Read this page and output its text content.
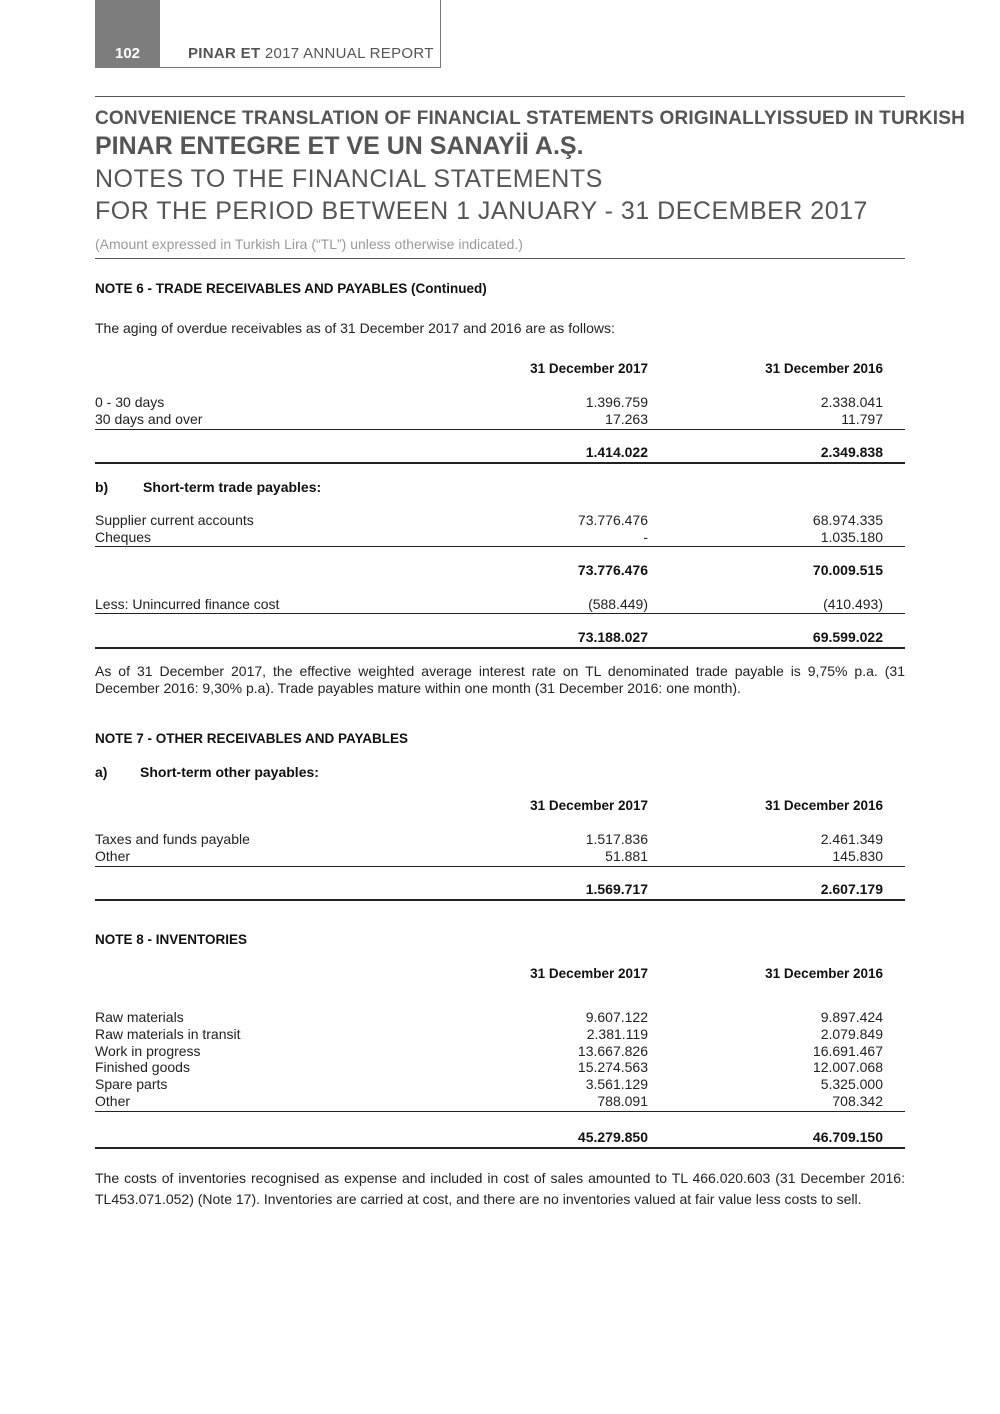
102	PINAR ET 2017 ANNUAL REPORT
CONVENIENCE TRANSLATION OF FINANCIAL STATEMENTS ORIGINALLYISSUED IN TURKISH
PINAR ENTEGRE ET VE UN SANAYİİ A.Ş.
NOTES TO THE FINANCIAL STATEMENTS
FOR THE PERIOD BETWEEN 1 JANUARY - 31 DECEMBER 2017
(Amount expressed in Turkish Lira (“TL”) unless otherwise indicated.)
NOTE 6 - TRADE RECEIVABLES AND PAYABLES (Continued)
The aging of overdue receivables as of 31 December 2017 and 2016 are as follows:
31 December 2017	31 December 2016
0 - 30 days	1.396.759	2.338.041
30 days and over	17.263	11.797
1.414.022	2.349.838
b) Short-term trade payables:
Supplier current accounts	73.776.476	68.974.335
Cheques	-	1.035.180
73.776.476	70.009.515
Less: Unincurred finance cost	(588.449)	(410.493)
73.188.027	69.599.022
As of 31 December 2017, the effective weighted average interest rate on TL denominated trade payable is 9,75% p.a. (31 December 2016: 9,30% p.a). Trade payables mature within one month (31 December 2016: one month).
NOTE 7 - OTHER RECEIVABLES AND PAYABLES
a) Short-term other payables:
31 December 2017	31 December 2016
Taxes and funds payable	1.517.836	2.461.349
Other	51.881	145.830
1.569.717	2.607.179
NOTE 8 - INVENTORIES
31 December 2017	31 December 2016
Raw materials	9.607.122	9.897.424
Raw materials in transit	2.381.119	2.079.849
Work in progress	13.667.826	16.691.467
Finished goods	15.274.563	12.007.068
Spare parts	3.561.129	5.325.000
Other	788.091	708.342
45.279.850	46.709.150
The costs of inventories recognised as expense and included in cost of sales amounted to TL 466.020.603 (31 December 2016: TL453.071.052) (Note 17). Inventories are carried at cost, and there are no inventories valued at fair value less costs to sell.
